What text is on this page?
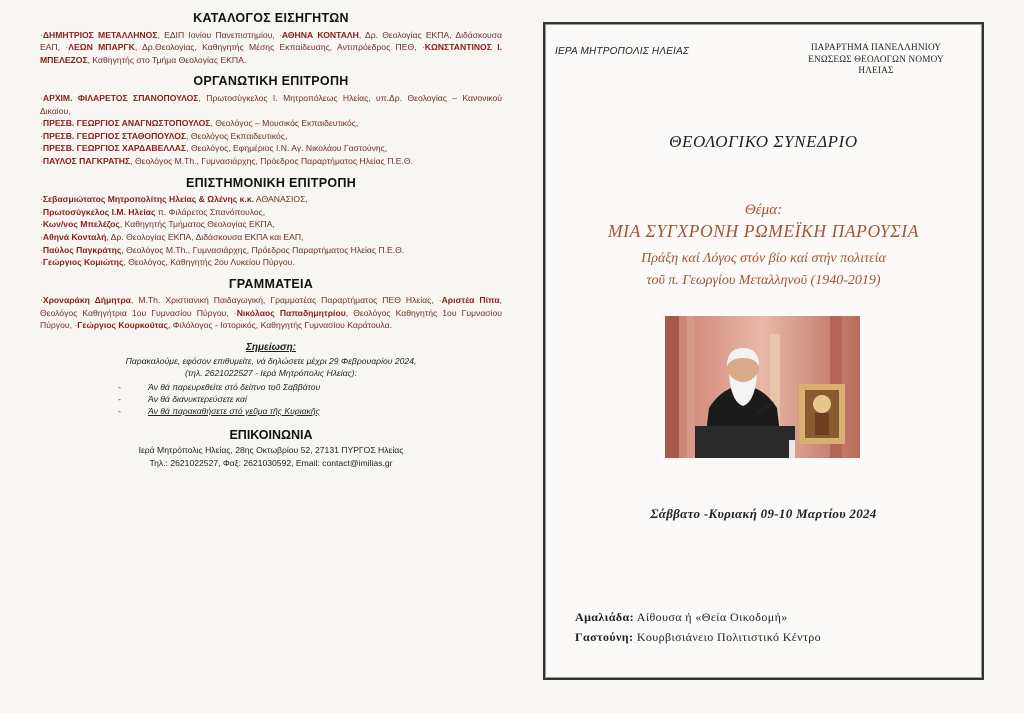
ΚΑΤΑΛΟΓΟΣ ΕΙΣΗΓΗΤΩΝ
·ΔΗΜΗΤΡΙΟΣ ΜΕΤΑΛΛΗΝΟΣ, ΕΔΙΠ Ιονίου Πανεπιστημίου, ·ΑΘΗΝΑ ΚΟΝΤΑΛΗ, Δρ. Θεολογίας ΕΚΠΑ, Διδάσκουσα ΕΑΠ, ·ΛΕΩΝ ΜΠΑΡΓΚ, Δρ.Θεολογίας, Καθηγητής Μέσης Εκπαίδευσης, Αντιπρόεδρος ΠΕΘ, ·ΚΩΝΣΤΑΝΤΙΝΟΣ Ι. ΜΠΕΛΕΖΟΣ, Καθηγητής στο Τμήμα Θεολογίας ΕΚΠΑ.
ΟΡΓΑΝΩΤΙΚΗ ΕΠΙΤΡΟΠΗ
·ΑΡΧΙΜ. ΦΙΛΑΡΕΤΟΣ ΣΠΑΝΟΠΟΥΛΟΣ, Πρωτοσύγκελος Ι. Μητροπόλεως Ηλείας, υπ.Δρ. Θεολογίας – Κανονικού Δικαίου,
·ΠΡΕΣΒ. ΓΕΩΡΓΙΟΣ ΑΝΑΓΝΩΣΤΟΠΟΥΛΟΣ, Θεολόγος – Μουσικός Εκπαιδευτικός,
·ΠΡΕΣΒ. ΓΕΩΡΓΙΟΣ ΣΤΑΘΟΠΟΥΛΟΣ, Θεολόγος Εκπαιδευτικός,
·ΠΡΕΣΒ. ΓΕΩΡΓΙΟΣ ΧΑΡΔΑΒΕΛΛΑΣ, Θεολόγος, Εφημέριος Ι.Ν. Αγ. Νικολάου Γαστούνης,
·ΠΑΥΛΟΣ ΠΑΓΚΡΑΤΗΣ, Θεολόγος Μ.Th., Γυμνασιάρχης, Πρόεδρος Παραρτήματος Ηλείας Π.Ε.Θ.
ΕΠΙΣΤΗΜΟΝΙΚΗ ΕΠΙΤΡΟΠΗ
·Σεβασμιώτατος Μητροπολίτης Ηλείας & Ωλένης κ.κ. ΑΘΑΝΑΣΙΟΣ,
·Πρωτοσύγκελος Ι.Μ. Ηλείας π. Φιλάρετος Σπανόπουλος,
·Κων/νος Μπελέζος, Καθηγητής Τμήματος Θεολογίας ΕΚΠΑ,
·Αθηνά Κονταλή, Δρ. Θεολογίας ΕΚΠΑ, Διδάσκουσα ΕΚΠΑ και ΕΑΠ,
·Παύλος Παγκράτης, Θεολόγος Μ.Th., Γυμνασιάρχης, Πρόεδρος Παραρτήματος Ηλείας Π.Ε.Θ.
·Γεώργιος Κομιώτης, Θεολόγος, Καθηγητής 2ου Λυκείου Πύργου.
ΓΡΑΜΜΑΤΕΙΑ
·Χροναράκη Δήμητρα, Μ.Th. Χριστιανική Παιδαγωγική, Γραμματέας Παραρτήματος ΠΕΘ Ηλείας, ·Αριστέα Πίπα, Θεολόγος Καθηγήτρια 1ου Γυμνασίου Πύργου, ·Νικόλαος Παπαδημητρίου, Θεολόγος Καθηγητής 1ου Γυμνασίου Πύργου, ·Γεώργιος Κουρκούτας, Φιλόλογος - Ιστορικός, Καθηγητής Γυμνασίου Καράτουλα.
Σημείωση:

Παρακαλούμε, εφόσον επιθυμείτε, νά δηλώσετε μέχρι 29 Φεβρουαρίου 2024,

(τηλ. 2621022527 - Ιερά Μητρόπολις Ηλείας):

- Άν θά παρευρεθείτε στό δείπνο τοῦ Σαββάτου
- Άν θά διανυκτερεύσετε καί
- Άν θά παρακαθήσετε στό γεῦμα τῆς Κυριακῆς
ΕΠΙΚΟΙΝΩΝΙΑ
Ιερά Μητρόπολις Ηλείας, 28ης Οκτωβρίου 52, 27131 ΠΥΡΓΟΣ Ηλείας
Τηλ.: 2621022527, Φαξ: 2621030592, Email: contact@imilias.gr
ΙΕΡΑ ΜΗΤΡΟΠΟΛΙΣ ΗΛΕΙΑΣ	ΠΑΡΑΡΤΗΜΑ ΠΑΝΕΛΛΗΝΙΟΥ
ΕΝΩΣΕΩΣ ΘΕΟΛΟΓΩΝ ΝΟΜΟΥ
ΗΛΕΙΑΣ
ΘΕΟΛΟΓΙΚΟ ΣΥΝΕΔΡΙΟ
Θέμα:
ΜΙΑ ΣΥΓΧΡΟΝΗ ΡΩΜΕΪΚΗ ΠΑΡΟΥΣΙΑ
Πράξη καί Λόγος στόν βίο καί στήν πολιτεία
τοῦ π. Γεωργίου Μεταλληνοῦ (1940-2019)
Σάββατο -Κυριακή 09-10 Μαρτίου 2024
Αμαλιάδα: Αίθουσα ή «Θεία Οικοδομή»
Γαστούνη: Κουρβισιάνειο Πολιτιστικό Κέντρο
